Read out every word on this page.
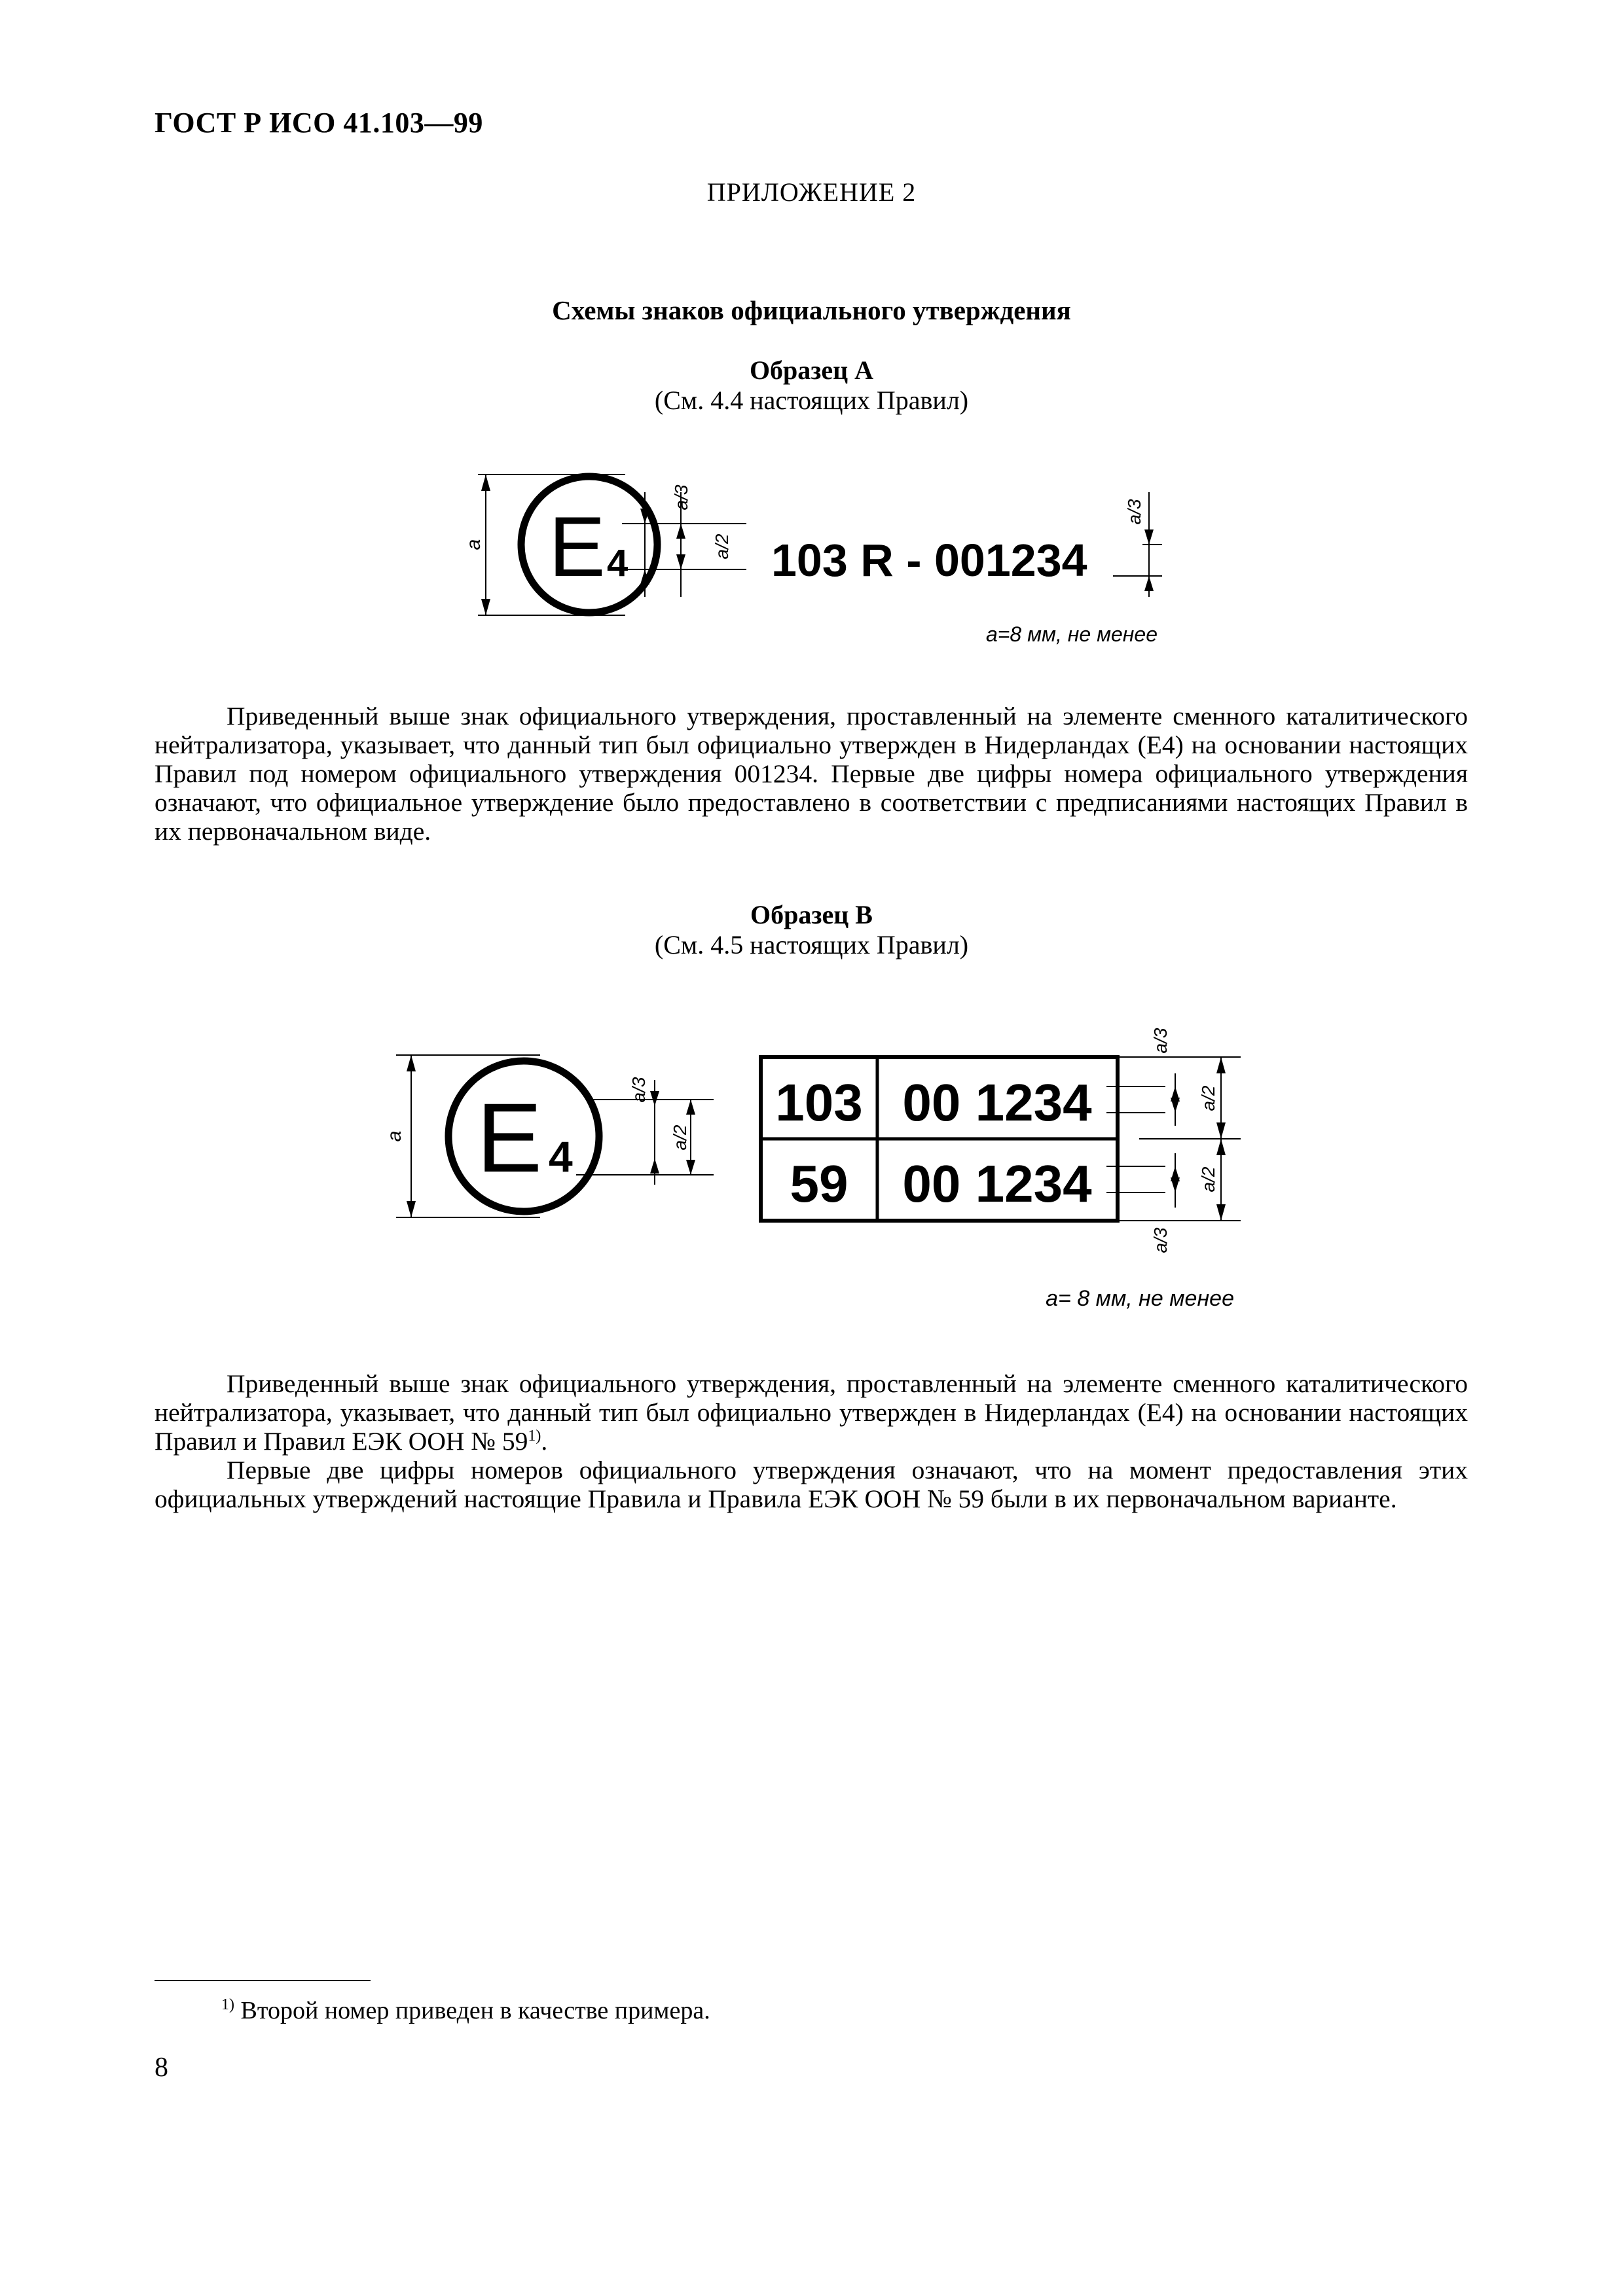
ГОСТ Р ИСО 41.103—99
ПРИЛОЖЕНИЕ 2
Схемы знаков официального утверждения
Образец А
(См. 4.4 настоящих Правил)
a E 4
a/3
a/2 103 R - 001234
a/3
a=8 мм, не менее
a E 4
a/3
a/2
103 00 1234
59 00 1234
a/3
a/2
a/2
a/3
a= 8 мм, не менее

Приведенный выше знак официального утверждения, проставленный на элементе сменного каталитического нейтрализатора, указывает, что данный тип был официально утвержден в Нидерландах (Е4) на основании настоящих Правил под номером официального утверждения 001234. Первые две цифры номера официального утверждения означают, что официальное утверждение было предоставлено в соответствии с предписаниями настоящих Правил в их первоначальном виде.

Образец В
(См. 4.5 настоящих Правил)

Приведенный выше знак официального утверждения, проставленный на элементе сменного каталитического нейтрализатора, указывает, что данный тип был официально утвержден в Нидерландах (Е4) на основании настоящих Правил и Правил ЕЭК ООН № 59$^{1)}$.

Первые две цифры номеров официального утверждения означают, что на момент предоставления этих официальных утверждений настоящие Правила и Правила ЕЭК ООН № 59 были в их первоначальном варианте.

$^{1)}$ Второй номер приведен в качестве примера.
8
